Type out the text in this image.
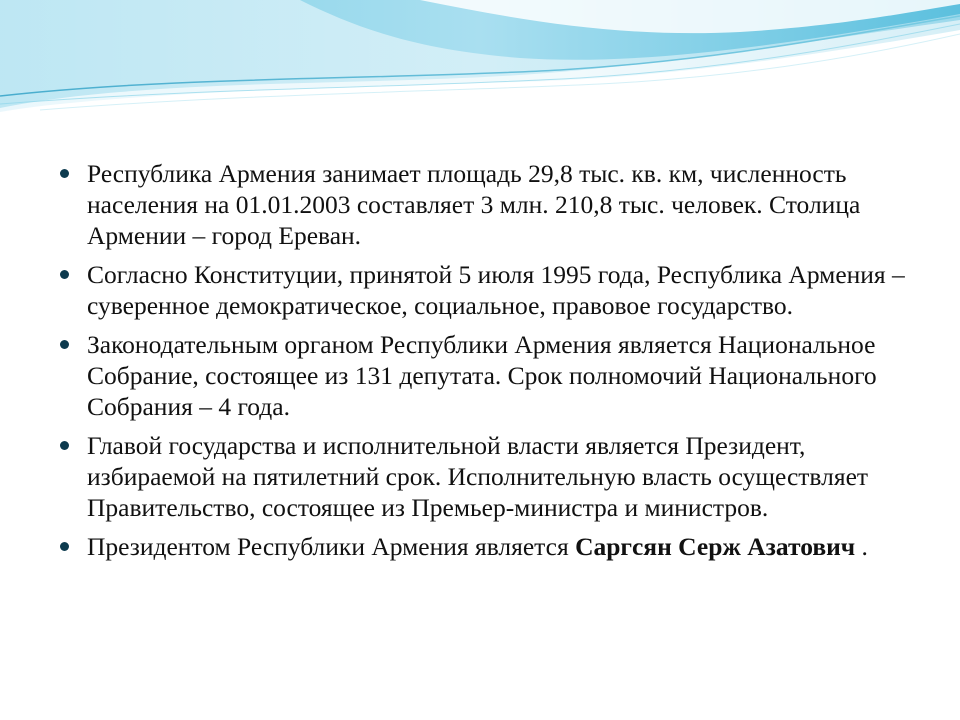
Республика Армения занимает площадь 29,8 тыс. кв. км, численность населения на 01.01.2003 составляет 3 млн. 210,8 тыс. человек. Столица Армении – город Ереван.
Согласно Конституции, принятой 5 июля 1995 года, Республика Армения – суверенное демократическое, социальное, правовое государство.
Законодательным органом Республики Армения является Национальное Собрание, состоящее из 131 депутата. Срок полномочий Национального Собрания – 4 года.
Главой государства и исполнительной власти является Президент, избираемой на пятилетний срок. Исполнительную власть осуществляет Правительство, состоящее из Премьер-министра и министров.
Президентом Республики Армения является Саргсян Серж Азатович .
